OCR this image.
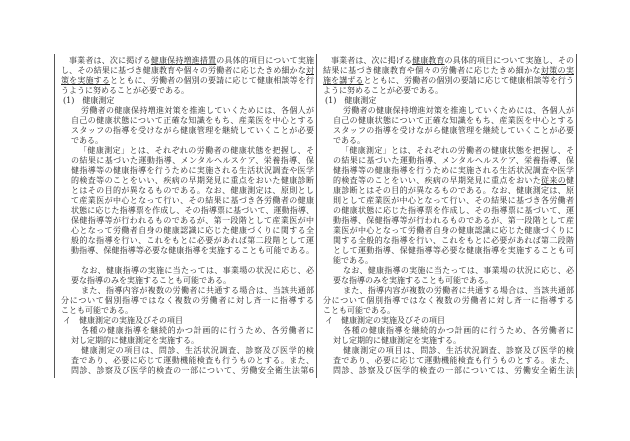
事業者は、次に掲げる健康保持増進措置の具体的項目について実施
し、その結果に基づき健康教育や個々の労働者に応じたきめ細かな対
策を実施するとともに、労働者の個別の要請に応じて健康相談等を行
うように努めることが必要である。
(1)　健康測定
労働者の健康保持増進対策を推進していくためには、各個人が
自己の健康状態について正確な知識をもち、産業医を中心とする
スタッフの指導を受けながら健康管理を継続していくことが必要
である。
「健康測定」とは、それぞれの労働者の健康状態を把握し、そ
の結果に基づいた運動指導、メンタルヘルスケア、栄養指導、保
健指導等の健康指導を行うために実施される生活状況調査や医学
的検査等のことをいい、疾病の早期発見に重点をおいた健康診断
とはその目的が異なるものである。なお、健康測定は、原則とし
て産業医が中心となって行い、その結果に基づき各労働者の健康
状態に応じた指導票を作成し、その指導票に基づいて、運動指導、
保健指導等が行われるものであるが、第一段階として産業医が中
心となって労働者自身の健康認識に応じた健康づくりに関する全
般的な指導を行い、これをもとに必要があれば第二段階として運
動指導、保健指導等必要な健康指導を実施することも可能である。
なお、健康指導の実施に当たっては、事業場の状況に応じ、必
要な指導のみを実施することも可能である。
また、指導内容が複数の労働者に共通する場合は、当該共通部
分について個別指導ではなく複数の労働者に対し斉一に指導する
ことも可能である。
イ　健康測定の実施及びその項目
各種の健康指導を継続的かつ計画的に行うため、各労働者に
対し定期的に健康測定を実施する。
健康測定の項目は、問診、生活状況調査、診察及び医学的検
査であり、必要に応じて運動機能検査も行うものとする。また、
問診、診察及び医学的検査の一部について、労働安全衛生法第6
事業者は、次に掲げる健康教育の具体的項目について実施し、その
結果に基づき健康教育や個々の労働者に応じたきめ細かな対策の実
施を講ずるとともに、労働者の個別の要請に応じて健康相談等を行う
ように努めることが必要である。
(1)　健康測定
労働者の健康保持増進対策を推進していくためには、各個人が
自己の健康状態について正確な知識をもち、産業医を中心とする
スタッフの指導を受けながら健康管理を継続していくことが必要
である。
「健康測定」とは、それぞれの労働者の健康状態を把握し、そ
の結果に基づいた運動指導、メンタルヘルスケア、栄養指導、保
健指導等の健康指導を行うために実施される生活状況調査や医学
的検査等のことをいい、疾病の早期発見に重点をおいた従来の健
康診断とはその目的が異なるものである。なお、健康測定は、原
則として産業医が中心となって行い、その結果に基づき各労働者
の健康状態に応じた指導票を作成し、その指導票に基づいて、運
動指導、保健指導等が行われるものであるが、第一段階として産
業医が中心となって労働者自身の健康認識に応じた健康づくりに
関する全般的な指導を行い、これをもとに必要があれば第二段階
として運動指導、保健指導等必要な健康指導を実施することも可
能である。
なお、健康指導の実施に当たっては、事業場の状況に応じ、必
要な指導のみを実施することも可能である。
また、指導内容が複数の労働者に共通する場合は、当該共通部
分について個別指導ではなく複数の労働者に対し斉一に指導する
ことも可能である。
イ　健康測定の実施及びその項目
各種の健康指導を継続的かつ計画的に行うため、各労働者に
対し定期的に健康測定を実施する。
健康測定の項目は、問診、生活状況調査、診察及び医学的検
査であり、必要に応じて運動機能検査も行うものとする。また、
問診、診察及び医学的検査の一部については、労働安全衛生法
